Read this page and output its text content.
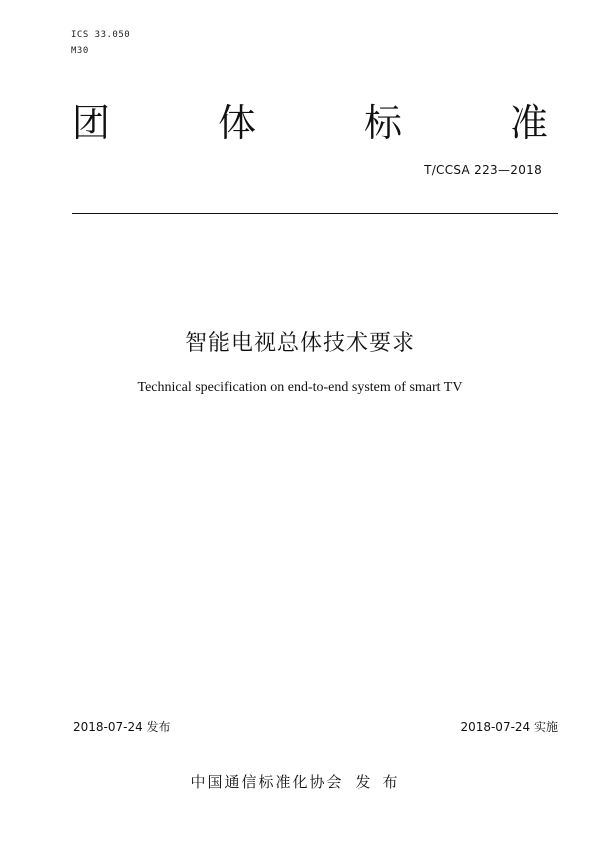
ICS 33.050
M30
团	体	标	准
T/CCSA 223—2018
智能电视总体技术要求
Technical specification on end-to-end system of smart TV
2018-07-24 发布	2018-07-24 实施
中国通信标准化协会 发布
